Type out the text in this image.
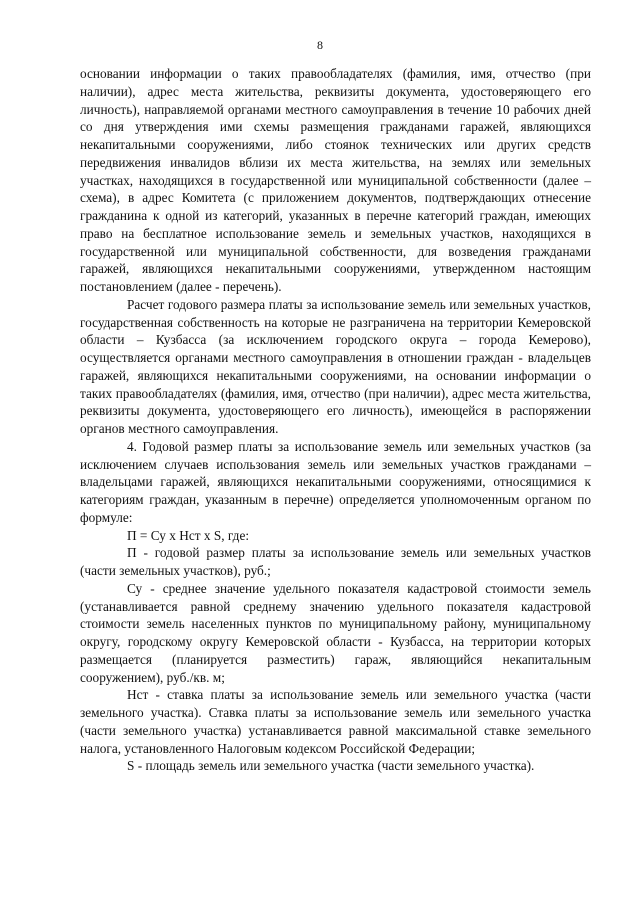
8

основании информации о таких правообладателях (фамилия, имя, отчество (при наличии), адрес места жительства, реквизиты документа, удостоверяющего его личность), направляемой органами местного самоуправления в течение 10 рабочих дней со дня утверждения ими схемы размещения гражданами гаражей, являющихся некапитальными сооружениями, либо стоянок технических или других средств передвижения инвалидов вблизи их места жительства, на землях или земельных участках, находящихся в государственной или муниципальной собственности (далее – схема), в адрес Комитета (с приложением документов, подтверждающих отнесение гражданина к одной из категорий, указанных в перечне категорий граждан, имеющих право на бесплатное использование земель и земельных участков, находящихся в государственной или муниципальной собственности, для возведения гражданами гаражей, являющихся некапитальными сооружениями, утвержденном настоящим постановлением (далее - перечень).

Расчет годового размера платы за использование земель или земельных участков, государственная собственность на которые не разграничена на территории Кемеровской области – Кузбасса (за исключением городского округа – города Кемерово), осуществляется органами местного самоуправления в отношении граждан - владельцев гаражей, являющихся некапитальными сооружениями, на основании информации о таких правообладателях (фамилия, имя, отчество (при наличии), адрес места жительства, реквизиты документа, удостоверяющего его личность), имеющейся в распоряжении органов местного самоуправления.

4. Годовой размер платы за использование земель или земельных участков (за исключением случаев использования земель или земельных участков гражданами – владельцами гаражей, являющихся некапитальными сооружениями, относящимися к категориям граждан, указанным в перечне) определяется уполномоченным органом по формуле:

П = Су х Нст х S, где:

П - годовой размер платы за использование земель или земельных участков (части земельных участков), руб.;

Су - среднее значение удельного показателя кадастровой стоимости земель (устанавливается равной среднему значению удельного показателя кадастровой стоимости земель населенных пунктов по муниципальному району, муниципальному округу, городскому округу Кемеровской области - Кузбасса, на территории которых размещается (планируется разместить) гараж, являющийся некапитальным сооружением), руб./кв. м;

Нст - ставка платы за использование земель или земельного участка (части земельного участка). Ставка платы за использование земель или земельного участка (части земельного участка) устанавливается равной максимальной ставке земельного налога, установленного Налоговым кодексом Российской Федерации;

S - площадь земель или земельного участка (части земельного участка).
